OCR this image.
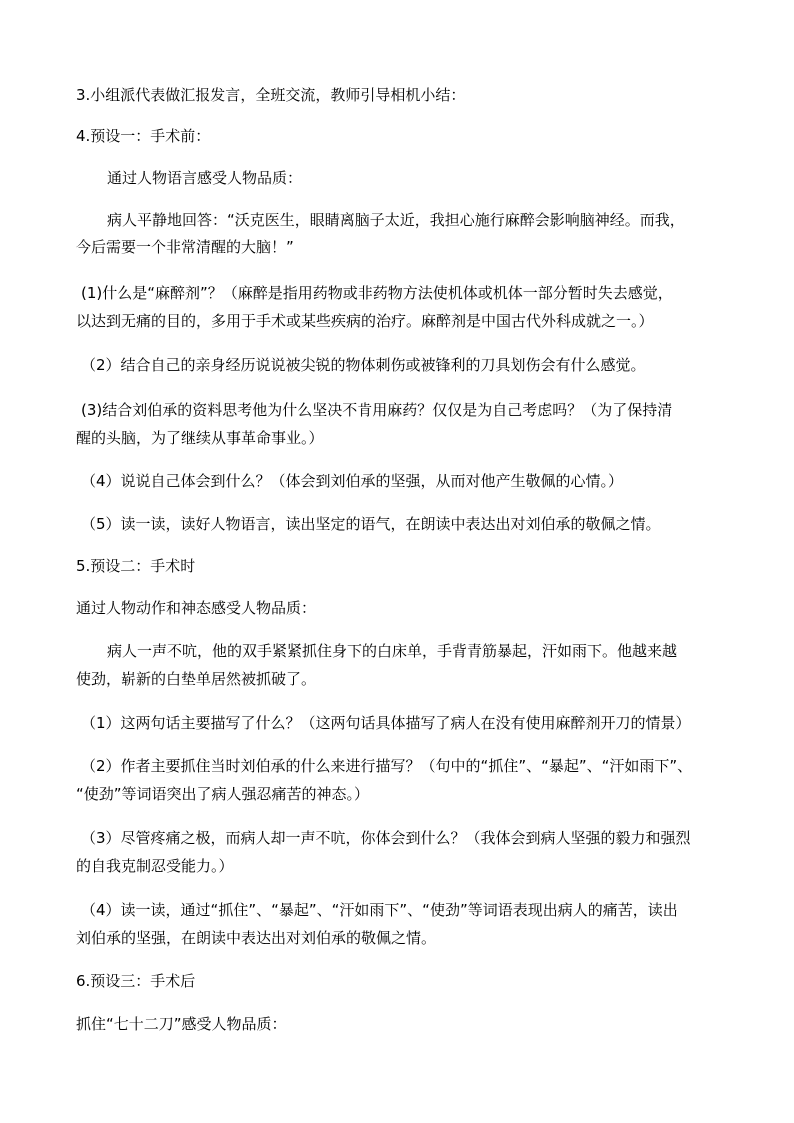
3.小组派代表做汇报发言，全班交流，教师引导相机小结：
4.预设一：手术前：
通过人物语言感受人物品质：
病人平静地回答：“沃克医生，眼睛离脑子太近，我担心施行麻醉会影响脑神经。而我，
今后需要一个非常清醒的大脑！”
(1)什么是“麻醉剂”？（麻醉是指用药物或非药物方法使机体或机体一部分暂时失去感觉，
以达到无痛的目的，多用于手术或某些疾病的治疗。麻醉剂是中国古代外科成就之一。）
（2）结合自己的亲身经历说说被尖锐的物体刺伤或被锋利的刀具划伤会有什么感觉。
(3)结合刘伯承的资料思考他为什么坚决不肯用麻药？仅仅是为自己考虑吗？（为了保持清
醒的头脑，为了继续从事革命事业。）
（4）说说自己体会到什么？（体会到刘伯承的坚强，从而对他产生敬佩的心情。）
（5）读一读，读好人物语言，读出坚定的语气，在朗读中表达出对刘伯承的敬佩之情。
5.预设二：手术时
通过人物动作和神态感受人物品质：
病人一声不吭，他的双手紧紧抓住身下的白床单，手背青筋暴起，汗如雨下。他越来越
使劲，崭新的白垫单居然被抓破了。
（1）这两句话主要描写了什么？（这两句话具体描写了病人在没有使用麻醉剂开刀的情景）
（2）作者主要抓住当时刘伯承的什么来进行描写？（句中的“抓住”、“暴起”、“汗如雨下”、
“使劲”等词语突出了病人强忍痛苦的神态。）
（3）尽管疼痛之极，而病人却一声不吭，你体会到什么？（我体会到病人坚强的毅力和强烈
的自我克制忍受能力。）
（4）读一读，通过“抓住”、“暴起”、“汗如雨下”、“使劲”等词语表现出病人的痛苦，读出
刘伯承的坚强，在朗读中表达出对刘伯承的敬佩之情。
6.预设三：手术后
抓住“七十二刀”感受人物品质：
